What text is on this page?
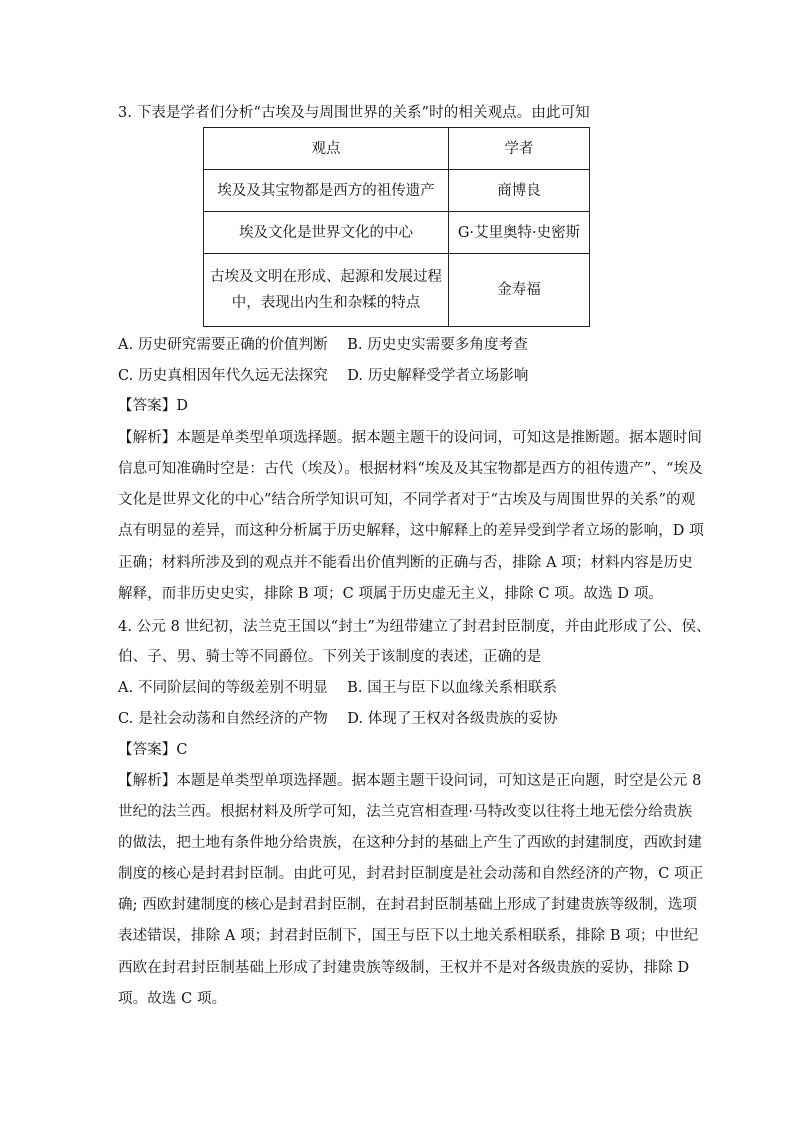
3. 下表是学者们分析“古埃及与周围世界的关系”时的相关观点。由此可知
观点	学者
埃及及其宝物都是西方的祖传遗产	商博良
埃及文化是世界文化的中心	G·艾里奥特·史密斯

古埃及文明在形成、起源和发展过程
中，表现出内生和杂糅的特点	金寿福
A. 历史研究需要正确的价值判断　 B. 历史史实需要多角度考查
C. 历史真相因年代久远无法探究　 D. 历史解释受学者立场影响
【答案】D
【解析】本题是单类型单项选择题。据本题主题干的设问词，可知这是推断题。据本题时间
信息可知准确时空是：古代（埃及）。根据材料“埃及及其宝物都是西方的祖传遗产”、“埃及
文化是世界文化的中心”结合所学知识可知，不同学者对于“古埃及与周围世界的关系”的观
点有明显的差异，而这种分析属于历史解释，这中解释上的差异受到学者立场的影响，D 项
正确；材料所涉及到的观点并不能看出价值判断的正确与否，排除 A 项；材料内容是历史
解释，而非历史史实，排除 B 项；C 项属于历史虚无主义，排除 C 项。故选 D 项。
4. 公元 8 世纪初，法兰克王国以“封土”为纽带建立了封君封臣制度，并由此形成了公、侯、
伯、子、男、骑士等不同爵位。下列关于该制度的表述，正确的是
A. 不同阶层间的等级差别不明显　 B. 国王与臣下以血缘关系相联系
C. 是社会动荡和自然经济的产物　 D. 体现了王权对各级贵族的妥协
【答案】C
【解析】本题是单类型单项选择题。据本题主题干设问词，可知这是正向题，时空是公元 8
世纪的法兰西。根据材料及所学可知，法兰克宫相查理·马特改变以往将土地无偿分给贵族
的做法，把土地有条件地分给贵族，在这种分封的基础上产生了西欧的封建制度，西欧封建
制度的核心是封君封臣制。由此可见，封君封臣制度是社会动荡和自然经济的产物，C 项正
确; 西欧封建制度的核心是封君封臣制，在封君封臣制基础上形成了封建贵族等级制，选项
表述错误，排除 A 项；封君封臣制下，国王与臣下以土地关系相联系，排除 B 项；中世纪
西欧在封君封臣制基础上形成了封建贵族等级制，王权并不是对各级贵族的妥协，排除 D
项。故选 C 项。
